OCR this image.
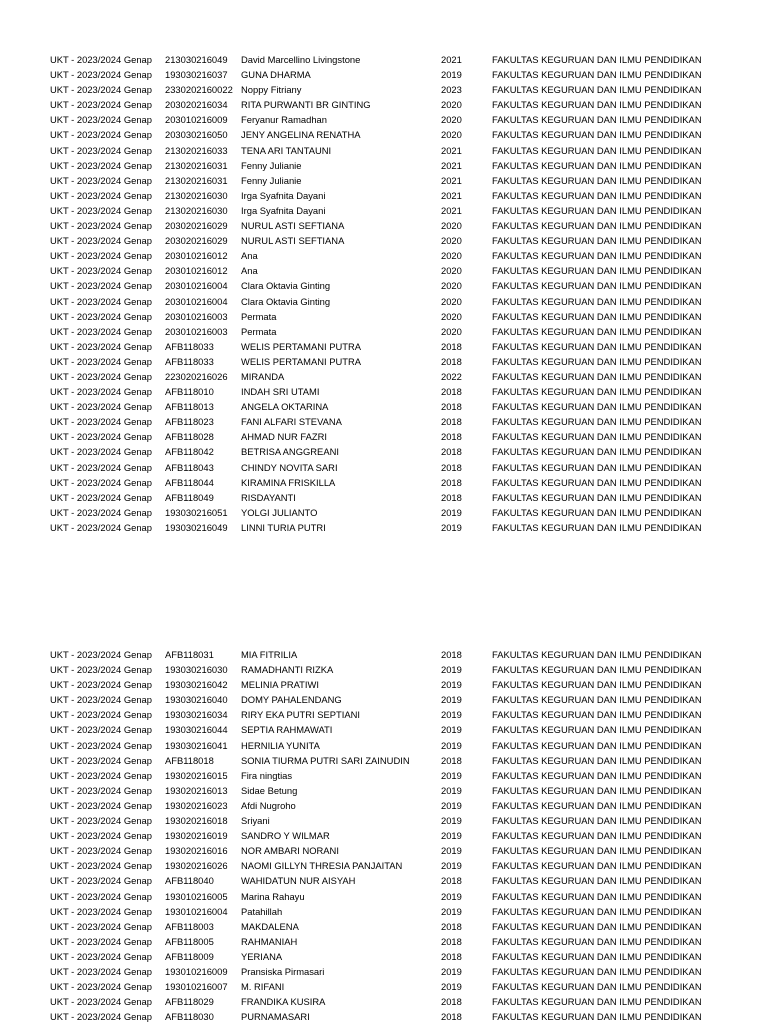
UKT - 2023/2024 Genap 213030216049 David Marcellino Livingstone	2021	FAKULTAS KEGURUAN DAN ILMU PENDIDIKAN
UKT - 2023/2024 Genap 193030216037 GUNA DHARMA	2019	FAKULTAS KEGURUAN DAN ILMU PENDIDIKAN
UKT - 2023/2024 Genap 2330202160022 Noppy Fitriany	2023	FAKULTAS KEGURUAN DAN ILMU PENDIDIKAN
UKT - 2023/2024 Genap 203020216034 RITA PURWANTI BR GINTING	2020	FAKULTAS KEGURUAN DAN ILMU PENDIDIKAN
UKT - 2023/2024 Genap 203010216009 Feryanur Ramadhan	2020	FAKULTAS KEGURUAN DAN ILMU PENDIDIKAN
UKT - 2023/2024 Genap 203030216050 JENY ANGELINA RENATHA	2020	FAKULTAS KEGURUAN DAN ILMU PENDIDIKAN
UKT - 2023/2024 Genap 213020216033 TENA ARI TANTAUNI	2021	FAKULTAS KEGURUAN DAN ILMU PENDIDIKAN
UKT - 2023/2024 Genap 213020216031 Fenny Julianie	2021	FAKULTAS KEGURUAN DAN ILMU PENDIDIKAN
UKT - 2023/2024 Genap 213020216031 Fenny Julianie	2021	FAKULTAS KEGURUAN DAN ILMU PENDIDIKAN
UKT - 2023/2024 Genap 213020216030 Irga Syafnita Dayani	2021	FAKULTAS KEGURUAN DAN ILMU PENDIDIKAN
UKT - 2023/2024 Genap 213020216030 Irga Syafnita Dayani	2021	FAKULTAS KEGURUAN DAN ILMU PENDIDIKAN
UKT - 2023/2024 Genap 203020216029 NURUL ASTI SEFTIANA	2020	FAKULTAS KEGURUAN DAN ILMU PENDIDIKAN
UKT - 2023/2024 Genap 203020216029 NURUL ASTI SEFTIANA	2020	FAKULTAS KEGURUAN DAN ILMU PENDIDIKAN
UKT - 2023/2024 Genap 203010216012 Ana	2020	FAKULTAS KEGURUAN DAN ILMU PENDIDIKAN
UKT - 2023/2024 Genap 203010216012 Ana	2020	FAKULTAS KEGURUAN DAN ILMU PENDIDIKAN
UKT - 2023/2024 Genap 203010216004 Clara Oktavia Ginting	2020	FAKULTAS KEGURUAN DAN ILMU PENDIDIKAN
UKT - 2023/2024 Genap 203010216004 Clara Oktavia Ginting	2020	FAKULTAS KEGURUAN DAN ILMU PENDIDIKAN
UKT - 2023/2024 Genap 203010216003 Permata	2020	FAKULTAS KEGURUAN DAN ILMU PENDIDIKAN
UKT - 2023/2024 Genap 203010216003 Permata	2020	FAKULTAS KEGURUAN DAN ILMU PENDIDIKAN
UKT - 2023/2024 Genap AFB118033	WELIS PERTAMANI PUTRA	2018	FAKULTAS KEGURUAN DAN ILMU PENDIDIKAN
UKT - 2023/2024 Genap AFB118033	WELIS PERTAMANI PUTRA	2018	FAKULTAS KEGURUAN DAN ILMU PENDIDIKAN
UKT - 2023/2024 Genap 223020216026 MIRANDA	2022	FAKULTAS KEGURUAN DAN ILMU PENDIDIKAN
UKT - 2023/2024 Genap AFB118010	INDAH SRI UTAMI	2018	FAKULTAS KEGURUAN DAN ILMU PENDIDIKAN
UKT - 2023/2024 Genap AFB118013	ANGELA OKTARINA	2018	FAKULTAS KEGURUAN DAN ILMU PENDIDIKAN
UKT - 2023/2024 Genap AFB118023	FANI ALFARI STEVANA	2018	FAKULTAS KEGURUAN DAN ILMU PENDIDIKAN
UKT - 2023/2024 Genap AFB118028	AHMAD NUR FAZRI	2018	FAKULTAS KEGURUAN DAN ILMU PENDIDIKAN
UKT - 2023/2024 Genap AFB118042	BETRISA ANGGREANI	2018	FAKULTAS KEGURUAN DAN ILMU PENDIDIKAN
UKT - 2023/2024 Genap AFB118043	CHINDY NOVITA SARI	2018	FAKULTAS KEGURUAN DAN ILMU PENDIDIKAN
UKT - 2023/2024 Genap AFB118044	KIRAMINA FRISKILLA	2018	FAKULTAS KEGURUAN DAN ILMU PENDIDIKAN
UKT - 2023/2024 Genap AFB118049	RISDAYANTI	2018	FAKULTAS KEGURUAN DAN ILMU PENDIDIKAN
UKT - 2023/2024 Genap 193030216051 YOLGI JULIANTO	2019	FAKULTAS KEGURUAN DAN ILMU PENDIDIKAN
UKT - 2023/2024 Genap 193030216049 LINNI TURIA PUTRI	2019	FAKULTAS KEGURUAN DAN ILMU PENDIDIKAN
UKT - 2023/2024 Genap AFB118031	MIA FITRILIA	2018	FAKULTAS KEGURUAN DAN ILMU PENDIDIKAN
UKT - 2023/2024 Genap 193030216030 RAMADHANTI RIZKA	2019	FAKULTAS KEGURUAN DAN ILMU PENDIDIKAN
UKT - 2023/2024 Genap 193030216042 MELINIA PRATIWI	2019	FAKULTAS KEGURUAN DAN ILMU PENDIDIKAN
UKT - 2023/2024 Genap 193030216040 DOMY PAHALENDANG	2019	FAKULTAS KEGURUAN DAN ILMU PENDIDIKAN
UKT - 2023/2024 Genap 193030216034 RIRY EKA PUTRI SEPTIANI	2019	FAKULTAS KEGURUAN DAN ILMU PENDIDIKAN
UKT - 2023/2024 Genap 193030216044 SEPTIA RAHMAWATI	2019	FAKULTAS KEGURUAN DAN ILMU PENDIDIKAN
UKT - 2023/2024 Genap 193030216041 HERNILIA YUNITA	2019	FAKULTAS KEGURUAN DAN ILMU PENDIDIKAN
UKT - 2023/2024 Genap AFB118018	SONIA TIURMA PUTRI SARI ZAINUDIN	2018	FAKULTAS KEGURUAN DAN ILMU PENDIDIKAN
UKT - 2023/2024 Genap 193020216015 Fira ningtias	2019	FAKULTAS KEGURUAN DAN ILMU PENDIDIKAN
UKT - 2023/2024 Genap 193020216013 Sidae Betung	2019	FAKULTAS KEGURUAN DAN ILMU PENDIDIKAN
UKT - 2023/2024 Genap 193020216023 Afdi Nugroho	2019	FAKULTAS KEGURUAN DAN ILMU PENDIDIKAN
UKT - 2023/2024 Genap 193020216018 Sriyani	2019	FAKULTAS KEGURUAN DAN ILMU PENDIDIKAN
UKT - 2023/2024 Genap 193020216019 SANDRO Y WILMAR	2019	FAKULTAS KEGURUAN DAN ILMU PENDIDIKAN
UKT - 2023/2024 Genap 193020216016 NOR AMBARI NORANI	2019	FAKULTAS KEGURUAN DAN ILMU PENDIDIKAN
UKT - 2023/2024 Genap 193020216026 NAOMI GILLYN THRESIA PANJAITAN	2019	FAKULTAS KEGURUAN DAN ILMU PENDIDIKAN
UKT - 2023/2024 Genap AFB118040	WAHIDATUN NUR AISYAH	2018	FAKULTAS KEGURUAN DAN ILMU PENDIDIKAN
UKT - 2023/2024 Genap 193010216005 Marina Rahayu	2019	FAKULTAS KEGURUAN DAN ILMU PENDIDIKAN
UKT - 2023/2024 Genap 193010216004 Patahillah	2019	FAKULTAS KEGURUAN DAN ILMU PENDIDIKAN
UKT - 2023/2024 Genap AFB118003	MAKDALENA	2018	FAKULTAS KEGURUAN DAN ILMU PENDIDIKAN
UKT - 2023/2024 Genap AFB118005	RAHMANIAH	2018	FAKULTAS KEGURUAN DAN ILMU PENDIDIKAN
UKT - 2023/2024 Genap AFB118009	YERIANA	2018	FAKULTAS KEGURUAN DAN ILMU PENDIDIKAN
UKT - 2023/2024 Genap 193010216009 Pransiska Pirmasari	2019	FAKULTAS KEGURUAN DAN ILMU PENDIDIKAN
UKT - 2023/2024 Genap 193010216007 M. RIFANI	2019	FAKULTAS KEGURUAN DAN ILMU PENDIDIKAN
UKT - 2023/2024 Genap AFB118029	FRANDIKA KUSIRA	2018	FAKULTAS KEGURUAN DAN ILMU PENDIDIKAN
UKT - 2023/2024 Genap AFB118030	PURNAMASARI	2018	FAKULTAS KEGURUAN DAN ILMU PENDIDIKAN
